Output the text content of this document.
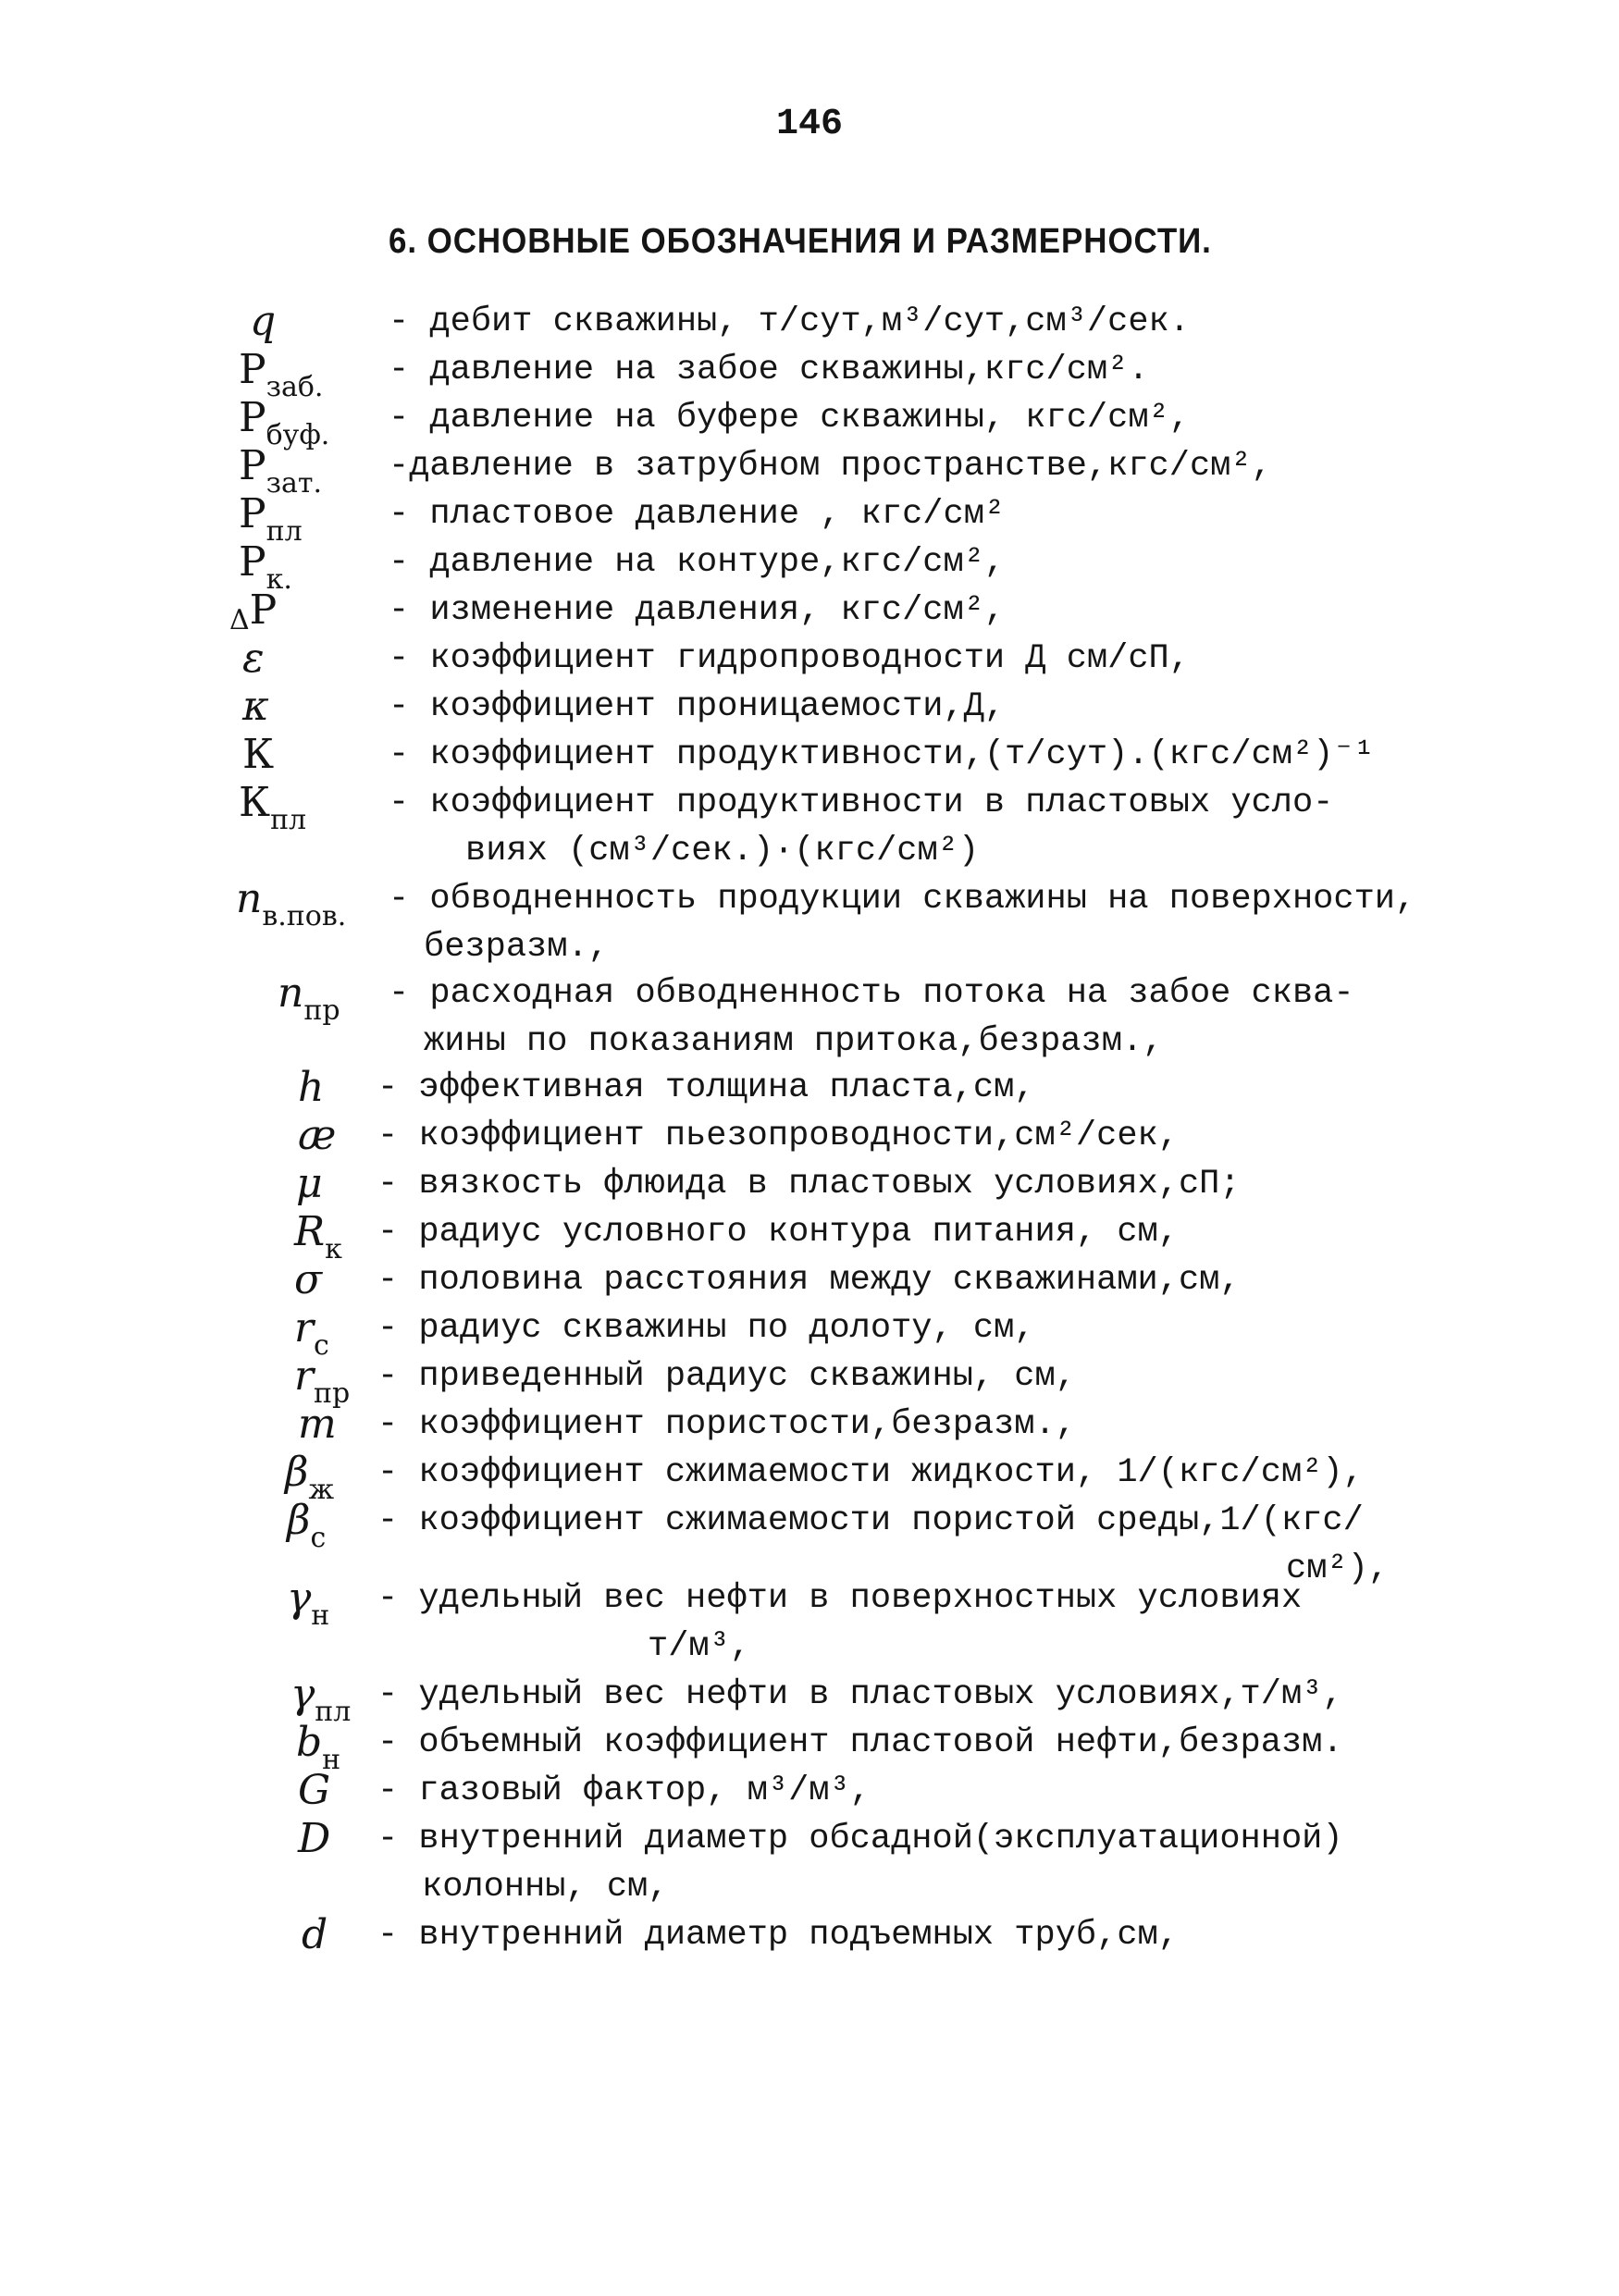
146
6. ОСНОВНЫЕ ОБОЗНАЧЕНИЯ И РАЗМЕРНОСТИ.
q	- дебит скважины, т/сут,м³/сут,см³/сек.
$P_{заб.}$ - давление на забое скважины,кгс/см².
$P_{буф.}$ - давление на буфере скважины, кгс/см²,
$P_{зат.}$ -давление в затрубном пространстве,кгс/см²,
$P_{пл}$	- пластовое давление , кгс/см²
$P_{к.}$	- давление на контуре,кгс/см²,
ΔP	- изменение давления, кгс/см²,
ε	- коэффициент гидропроводности Д см/сП,
κ	- коэффициент проницаемости,Д,
К	- коэффициент продуктивности,(т/сут).(кгс/см²)⁻¹
$К_{пл}$ - коэффициент продуктивности в пластовых усло-
виях (см³/сек.)·(кгс/см²)
$n_{в.пов.}$ - обводненность продукции скважины на поверхности,
безразм.,
$n_{пр}$ - расходная обводненность потока на забое сква-
жины по показаниям притока,безразм.,
h - эффективная толщина пласта,см,
æ - коэффициент пьезопроводности,см²/сек,
μ - вязкость флюида в пластовых условиях,сП;
$R_к$ - радиус условного контура питания, см,
σ - половина расстояния между скважинами,см,
$r_c$ - радиус скважины по долоту, см,
$r_{пр}$ - приведенный радиус скважины, см,
m - коэффициент пористости,безразм.,
$\beta_ж$ - коэффициент сжимаемости жидкости, 1/(кгс/см²),
$\beta_c$ - коэффициент сжимаемости пористой среды,1/(кгс/
см²),
$\gamma_н$ - удельный вес нефти в поверхностных условиях
т/м³,
$\gamma_{пл}$ - удельный вес нефти в пластовых условиях,т/м³,
$b_н$ - объемный коэффициент пластовой нефти,безразм.
G - газовый фактор, м³/м³,
D - внутренний диаметр обсадной(эксплуатационной)
колонны, см,
d - внутренний диаметр подъемных труб,см,
